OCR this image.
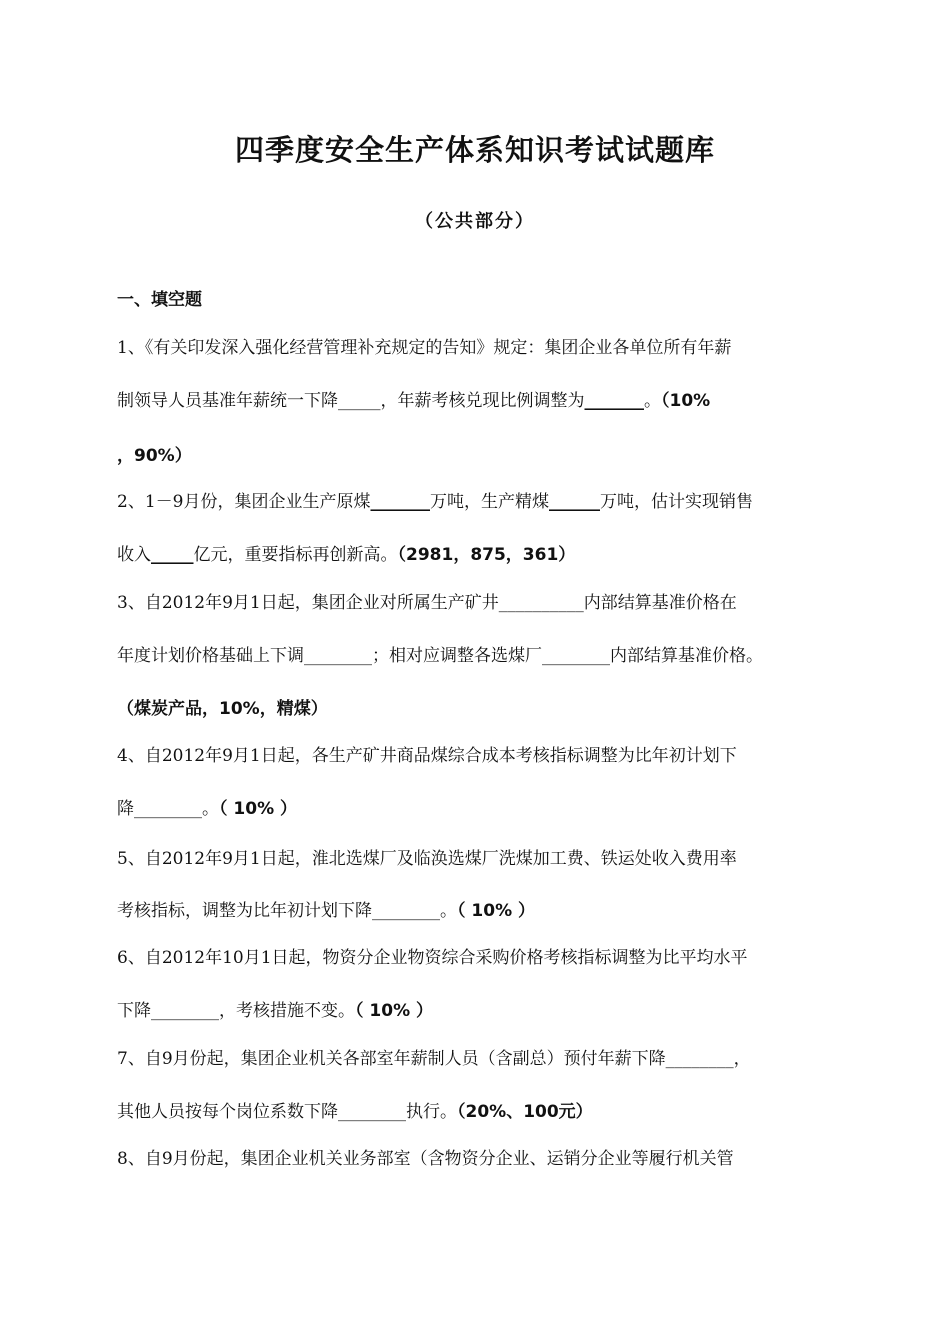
四季度安全生产体系知识考试试题库
（公共部分）
一、填空题
1、《有关印发深入强化经营管理补充规定的告知》规定：集团企业各单位所有年薪
制领导人员基准年薪统一下降_____，年薪考核兑现比例调整为_______。（10%
，90%）
2、1－9月份，集团企业生产原煤_______万吨，生产精煤______万吨，估计实现销售
收入_____亿元，重要指标再创新高。（2981，875，361）
3、自2012年9月1日起，集团企业对所属生产矿井__________内部结算基准价格在
年度计划价格基础上下调________；相对应调整各选煤厂________内部结算基准价格。
（煤炭产品，10%，精煤）
4、自2012年9月1日起，各生产矿井商品煤综合成本考核指标调整为比年初计划下
降________。（ 10% ）
5、自2012年9月1日起，淮北选煤厂及临涣选煤厂洗煤加工费、铁运处收入费用率
考核指标，调整为比年初计划下降________。（ 10% ）
6、自2012年10月1日起，物资分企业物资综合采购价格考核指标调整为比平均水平
下降________，考核措施不变。（ 10% ）
7、自9月份起，集团企业机关各部室年薪制人员（含副总）预付年薪下降________，
其他人员按每个岗位系数下降________执行。（20%、100元）
8、自9月份起，集团企业机关业务部室（含物资分企业、运销分企业等履行机关管
